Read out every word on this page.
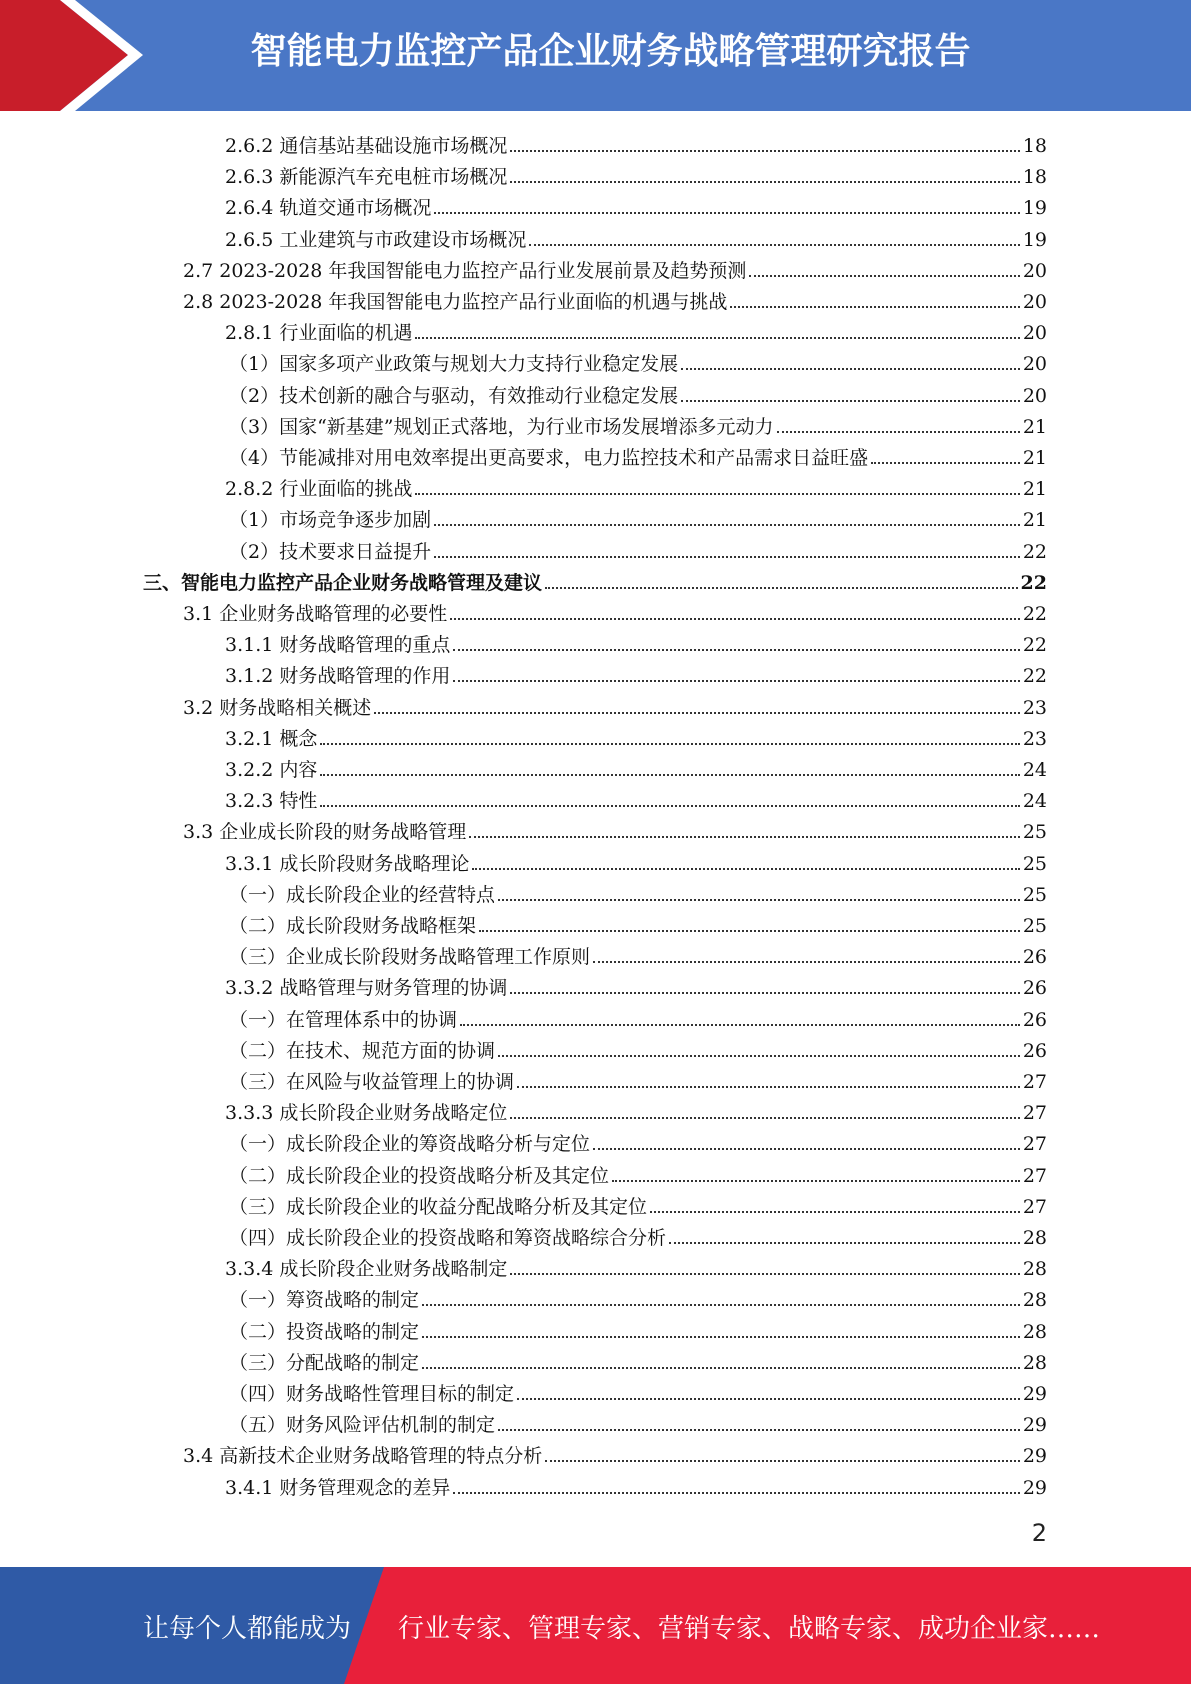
智能电力监控产品企业财务战略管理研究报告
2.6.2 通信基站基础设施市场概况	18
2.6.3 新能源汽车充电桩市场概况	18
2.6.4 轨道交通市场概况	19
2.6.5 工业建筑与市政建设市场概况	19
2.7 2023-2028 年我国智能电力监控产品行业发展前景及趋势预测	20
2.8 2023-2028 年我国智能电力监控产品行业面临的机遇与挑战	20
2.8.1 行业面临的机遇	20
（1）国家多项产业政策与规划大力支持行业稳定发展	20
（2）技术创新的融合与驱动，有效推动行业稳定发展	20
（3）国家“新基建”规划正式落地，为行业市场发展增添多元动力	21
（4）节能减排对用电效率提出更高要求，电力监控技术和产品需求日益旺盛	21
2.8.2 行业面临的挑战	21
（1）市场竞争逐步加剧	21
（2）技术要求日益提升	22
三、智能电力监控产品企业财务战略管理及建议	22
3.1 企业财务战略管理的必要性	22
3.1.1 财务战略管理的重点	22
3.1.2 财务战略管理的作用	22
3.2 财务战略相关概述	23
3.2.1 概念	23
3.2.2 内容	24
3.2.3 特性	24
3.3 企业成长阶段的财务战略管理	25
3.3.1 成长阶段财务战略理论	25
（一）成长阶段企业的经营特点	25
（二）成长阶段财务战略框架	25
（三）企业成长阶段财务战略管理工作原则	26
3.3.2 战略管理与财务管理的协调	26
（一）在管理体系中的协调	26
（二）在技术、规范方面的协调	26
（三）在风险与收益管理上的协调	27
3.3.3 成长阶段企业财务战略定位	27
（一）成长阶段企业的筹资战略分析与定位	27
（二）成长阶段企业的投资战略分析及其定位	27
（三）成长阶段企业的收益分配战略分析及其定位	27
（四）成长阶段企业的投资战略和筹资战略综合分析	28
3.3.4 成长阶段企业财务战略制定	28
（一）筹资战略的制定	28
（二）投资战略的制定	28
（三）分配战略的制定	28
（四）财务战略性管理目标的制定	29
（五）财务风险评估机制的制定	29
3.4 高新技术企业财务战略管理的特点分析	29
3.4.1 财务管理观念的差异	29
2
让每个人都能成为 行业专家、管理专家、营销专家、战略专家、成功企业家……
